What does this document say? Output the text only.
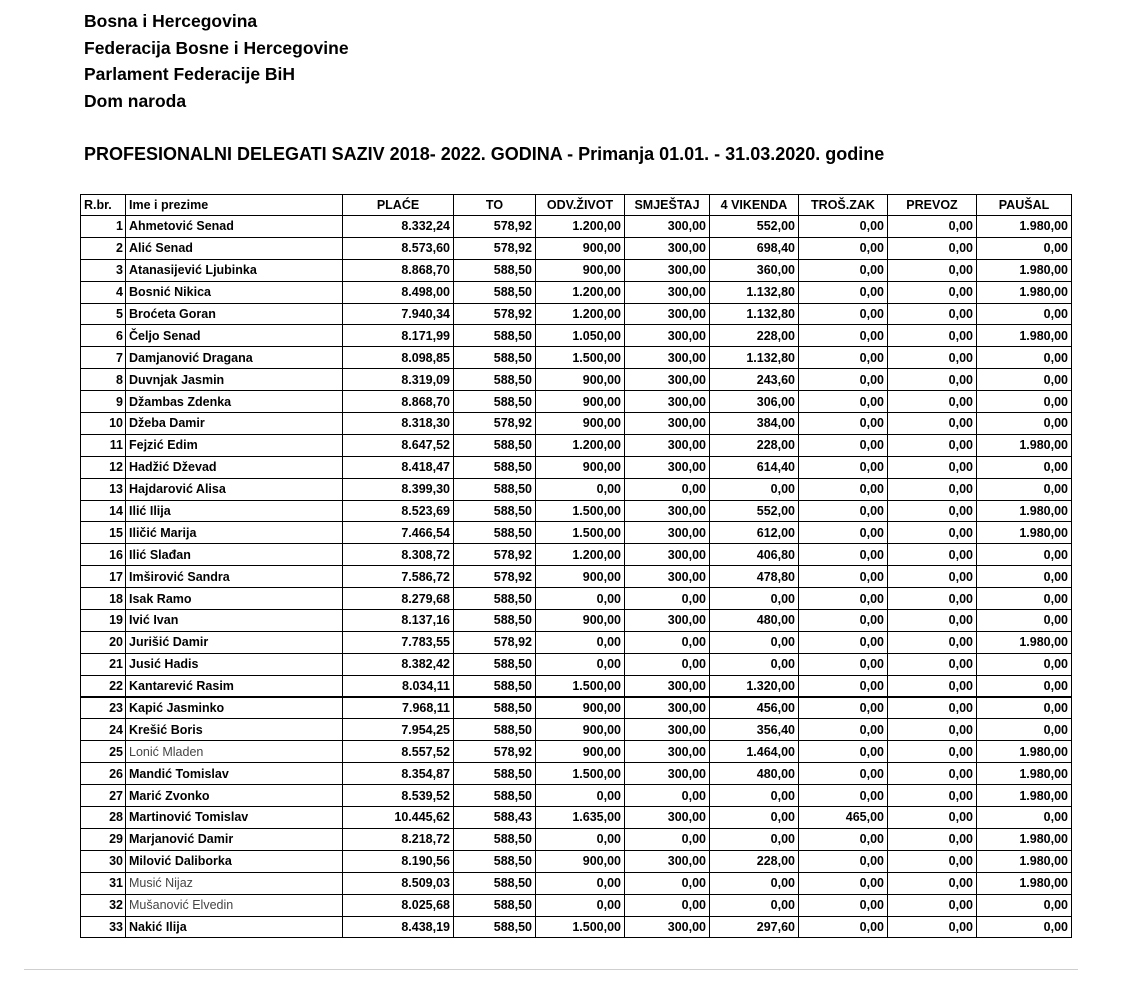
Bosna i Hercegovina
Federacija Bosne i Hercegovine
Parlament Federacije BiH
Dom naroda
PROFESIONALNI DELEGATI SAZIV 2018- 2022. GODINA - Primanja 01.01. - 31.03.2020. godine
R.br.	Ime i prezime	PLAĆE	TO	ODV.ŽIVOT	SMJEŠTAJ	4 VIKENDA	TROŠ.ZAK	PREVOZ	PAUŠAL
1	Ahmetović Senad	8.332,24	578,92	1.200,00	300,00	552,00	0,00	0,00	1.980,00
2	Alić Senad	8.573,60	578,92	900,00	300,00	698,40	0,00	0,00	0,00
3	Atanasijević Ljubinka	8.868,70	588,50	900,00	300,00	360,00	0,00	0,00	1.980,00
4	Bosnić Nikica	8.498,00	588,50	1.200,00	300,00	1.132,80	0,00	0,00	1.980,00
5	Broćeta Goran	7.940,34	578,92	1.200,00	300,00	1.132,80	0,00	0,00	0,00
6	Čeljo Senad	8.171,99	588,50	1.050,00	300,00	228,00	0,00	0,00	1.980,00
7	Damjanović Dragana	8.098,85	588,50	1.500,00	300,00	1.132,80	0,00	0,00	0,00
8	Duvnjak Jasmin	8.319,09	588,50	900,00	300,00	243,60	0,00	0,00	0,00
9	Džambas Zdenka	8.868,70	588,50	900,00	300,00	306,00	0,00	0,00	0,00
10	Džeba Damir	8.318,30	578,92	900,00	300,00	384,00	0,00	0,00	0,00
11	Fejzić Edim	8.647,52	588,50	1.200,00	300,00	228,00	0,00	0,00	1.980,00
12	Hadžić Dževad	8.418,47	588,50	900,00	300,00	614,40	0,00	0,00	0,00
13	Hajdarović Alisa	8.399,30	588,50	0,00	0,00	0,00	0,00	0,00	0,00
14	Ilić Ilija	8.523,69	588,50	1.500,00	300,00	552,00	0,00	0,00	1.980,00
15	Iličić Marija	7.466,54	588,50	1.500,00	300,00	612,00	0,00	0,00	1.980,00
16	Ilić Slađan	8.308,72	578,92	1.200,00	300,00	406,80	0,00	0,00	0,00
17	Imširović Sandra	7.586,72	578,92	900,00	300,00	478,80	0,00	0,00	0,00
18	Isak Ramo	8.279,68	588,50	0,00	0,00	0,00	0,00	0,00	0,00
19	Ivić Ivan	8.137,16	588,50	900,00	300,00	480,00	0,00	0,00	0,00
20	Jurišić Damir	7.783,55	578,92	0,00	0,00	0,00	0,00	0,00	1.980,00
21	Jusić Hadis	8.382,42	588,50	0,00	0,00	0,00	0,00	0,00	0,00
22	Kantarević Rasim	8.034,11	588,50	1.500,00	300,00	1.320,00	0,00	0,00	0,00
23	Kapić Jasminko	7.968,11	588,50	900,00	300,00	456,00	0,00	0,00	0,00
24	Krešić Boris	7.954,25	588,50	900,00	300,00	356,40	0,00	0,00	0,00
25	Lonić Mladen	8.557,52	578,92	900,00	300,00	1.464,00	0,00	0,00	1.980,00
26	Mandić Tomislav	8.354,87	588,50	1.500,00	300,00	480,00	0,00	0,00	1.980,00
27	Marić Zvonko	8.539,52	588,50	0,00	0,00	0,00	0,00	0,00	1.980,00
28	Martinović Tomislav	10.445,62	588,43	1.635,00	300,00	0,00	465,00	0,00	0,00
29	Marjanović Damir	8.218,72	588,50	0,00	0,00	0,00	0,00	0,00	1.980,00
30	Milović Daliborka	8.190,56	588,50	900,00	300,00	228,00	0,00	0,00	1.980,00
31	Musić Nijaz	8.509,03	588,50	0,00	0,00	0,00	0,00	0,00	1.980,00
32	Mušanović Elvedin	8.025,68	588,50	0,00	0,00	0,00	0,00	0,00	0,00
33	Nakić Ilija	8.438,19	588,50	1.500,00	300,00	297,60	0,00	0,00	0,00
